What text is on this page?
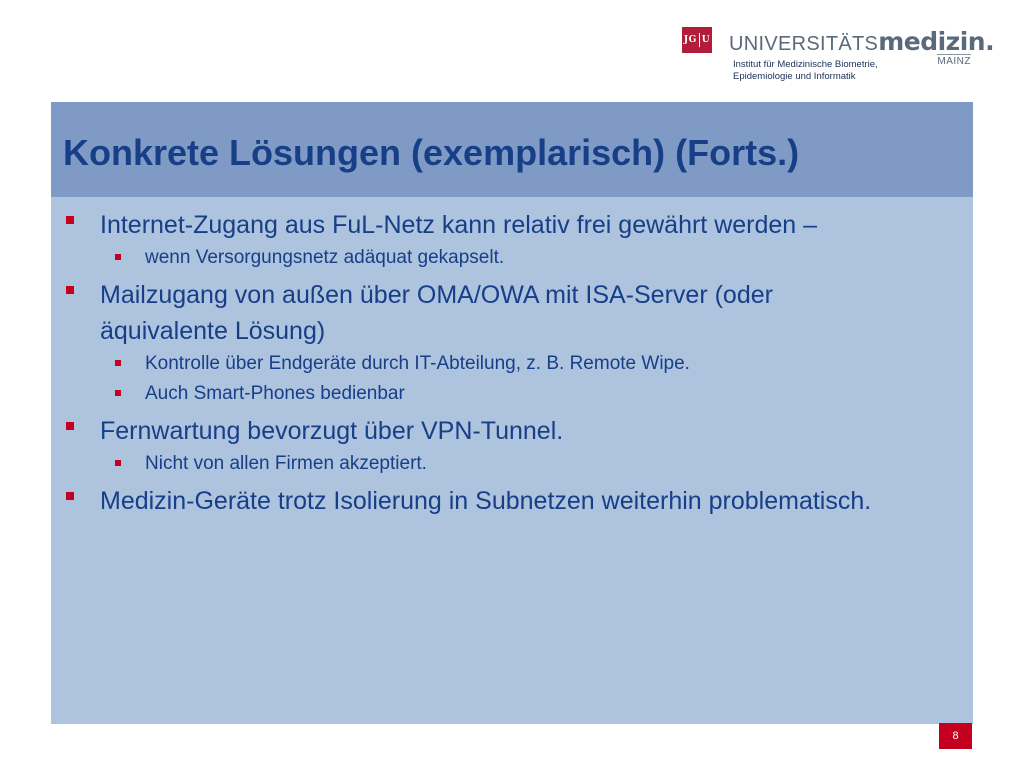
JG U UNIVERSITÄTS medizin.
Institut für Medizinische Biometrie,
Epidemiologie und Informatik
MAINZ
Konkrete Lösungen (exemplarisch) (Forts.)
Internet-Zugang aus FuL-Netz kann relativ frei gewährt werden –
wenn Versorgungsnetz adäquat gekapselt.
Mailzugang von außen über OMA/OWA mit ISA-Server (oder äquivalente Lösung)
Kontrolle über Endgeräte durch IT-Abteilung, z. B. Remote Wipe.
Auch Smart-Phones bedienbar
Fernwartung bevorzugt über VPN-Tunnel.
Nicht von allen Firmen akzeptiert.
Medizin-Geräte trotz Isolierung in Subnetzen weiterhin problematisch.
8
